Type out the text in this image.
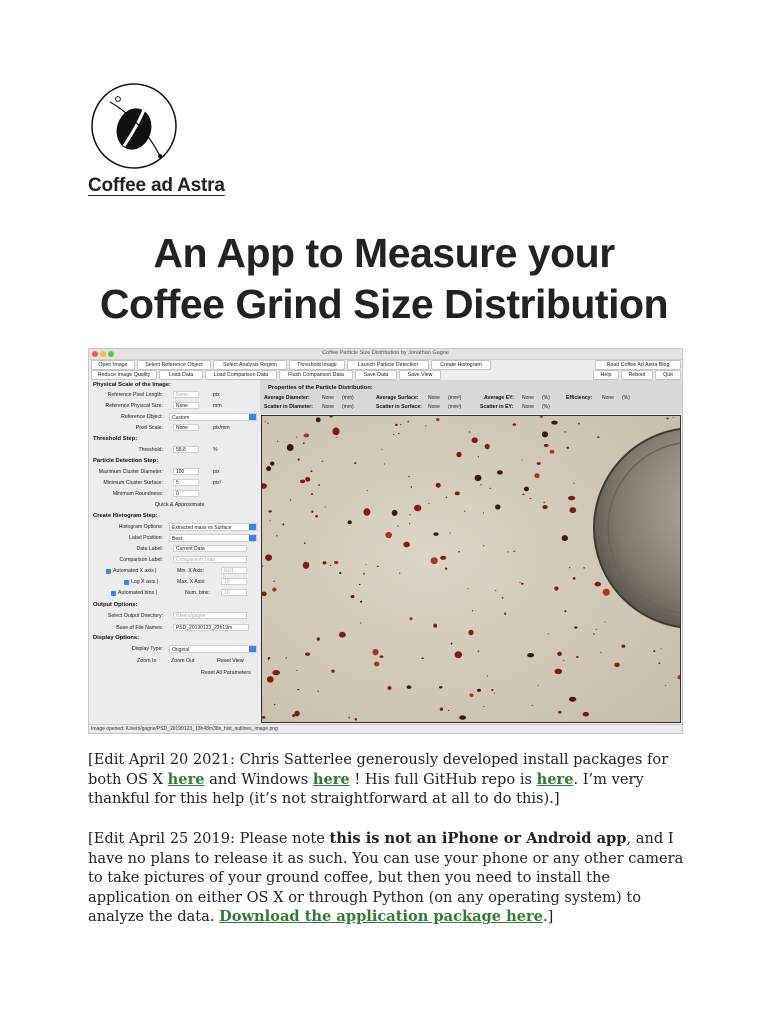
Coffee ad Astra
An App to Measure your
Coffee Grind Size Distribution
Coffee Particle Size Distribution by Jonathan Gagne
Open Image	Select Reference Object	Select Analysis Region	Threshold Image	Launch Particle Detection	Create Histogram	Read Coffee Ad Astra Blog
Reduce Image Quality	Load Data	Load Comparison Data	Flush Comparison Data	Save Data	Save View	Help	Reboot	Quit
Physical Scale of the Image:
Reference Pixel Length:	None	pix
Reference Physical Size:	None	mm
Reference Object:	Custom
Pixel Scale:	None	pix/mm
Threshold Step:
Threshold:	58.8	%
Particle Detection Step:
Maximum Cluster Diameter:	100	pix
Minimum Cluster Surface:	5	pix²
Minimum Roundness:	0
Quick & Approximate
Create Histogram Step:
Histogram Options:	Extracted mass vs Surface
Label Position:	Best
Data Label:	Current Data
Comparison Label:	Comparison Data
Automated X axis |	Min. X Axis:	0.01
Log X axis |	Max. X Axis:	10
Automated bins |	Num. bins:	10
Output Options:
Select Output Directory:	/Users/gagne
Base of File Names:	PSD_20190123_22h19m
Display Options:
Display Type:	Original
Zoom In	Zoom Out	Reset View
Reset All Parameters
Properties of the Particle Distribution:
Average Diameter: None (mm)
Scatter in Diameter: None (mm)
Average Surface: None (mm²)
Scatter in Surface: None (mm²)
Average EY: None (%)
Scatter in EY: None (%)
Efficiency: None (%)
Image opened: /Users/gagne/PSD_20190123_13h48m38s_hist_outlines_image.png

[Edit April 20 2021: Chris Satterlee generously developed install packages for both OS X here and Windows here ! His full GitHub repo is here. I’m very thankful for this help (it’s not straightforward at all to do this).]

[Edit April 25 2019: Please note this is not an iPhone or Android app, and I have no plans to release it as such. You can use your phone or any other camera to take pictures of your ground coffee, but then you need to install the application on either OS X or through Python (on any operating system) to analyze the data. Download the application package here.]
